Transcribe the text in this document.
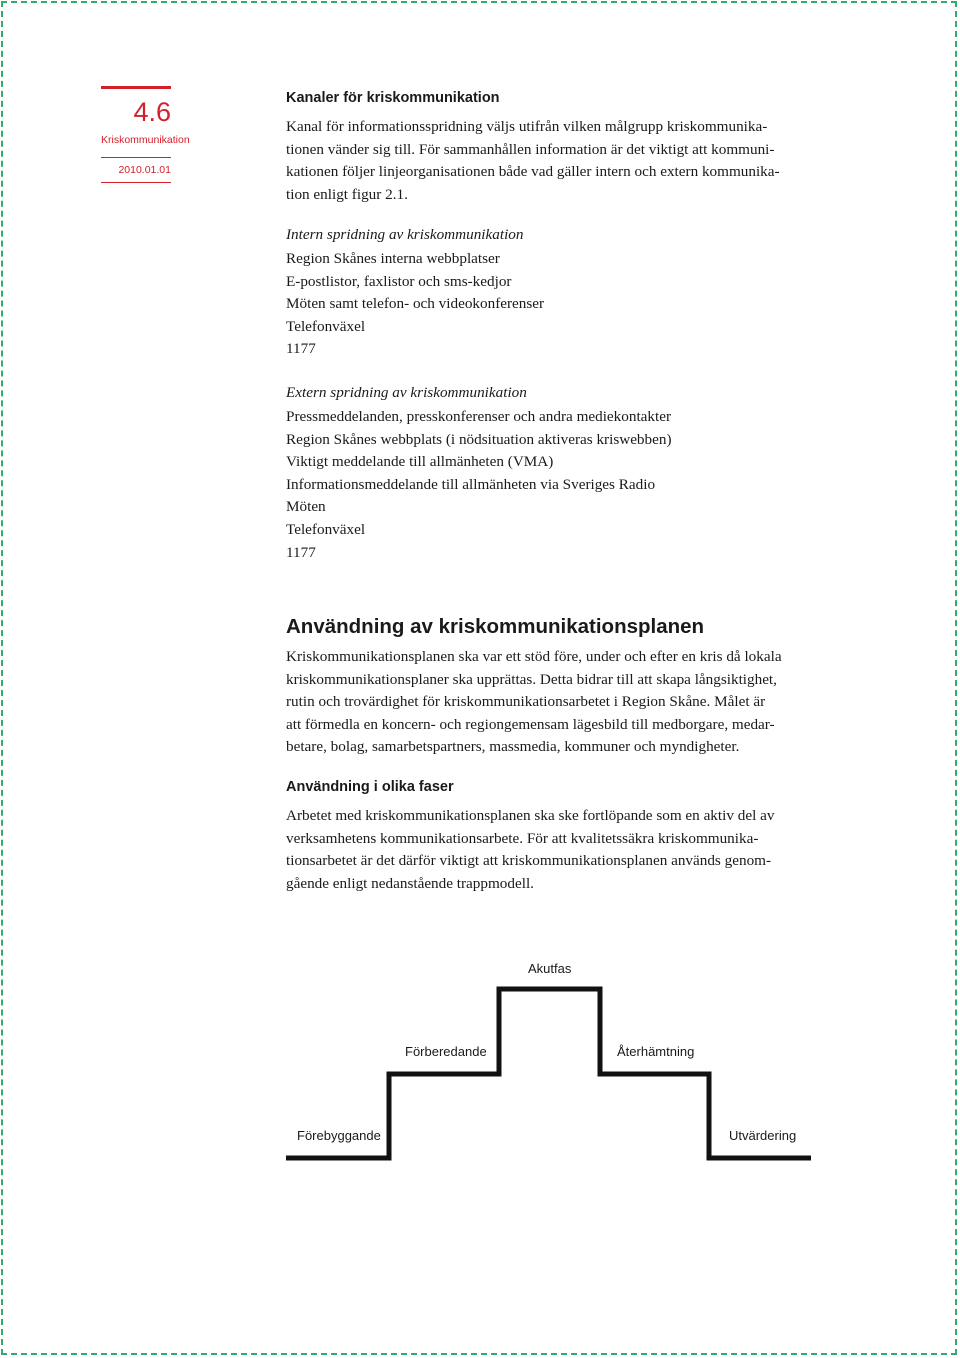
4.6
Kriskommunikation
2010.01.01
Kanaler för kriskommunikation

Kanal för informationsspridning väljs utifrån vilken målgrupp kriskommunika-

tionen vänder sig till. För sammanhållen information är det viktigt att kommuni-

kationen följer linjeorganisationen både vad gäller intern och extern kommunika-

tion enligt figur 2.1.

Intern spridning av kriskommunikation

Region Skånes interna webbplatser

E-postlistor, faxlistor och sms-kedjor

Möten samt telefon- och videokonferenser

Telefonväxel

1177

Extern spridning av kriskommunikation

Pressmeddelanden, presskonferenser och andra mediekontakter

Region Skånes webbplats (i nödsituation aktiveras kriswebben)

Viktigt meddelande till allmänheten (VMA)

Informationsmeddelande till allmänheten via Sveriges Radio

Möten

Telefonväxel

1177

Användning av kriskommunikationsplanen

Kriskommunikationsplanen ska var ett stöd före, under och efter en kris då lokala

kriskommunikationsplaner ska upprättas. Detta bidrar till att skapa långsiktighet,

rutin och trovärdighet för kriskommunikationsarbetet i Region Skåne. Målet är

att förmedla en koncern- och regiongemensam lägesbild till medborgare, medar-

betare, bolag, samarbetspartners, massmedia, kommuner och myndigheter.

Användning i olika faser

Arbetet med kriskommunikationsplanen ska ske fortlöpande som en aktiv del av

verksamhetens kommunikationsarbete. För att kvalitetssäkra kriskommunika-

tionsarbetet är det därför viktigt att kriskommunikationsplanen används genom-

gående enligt nedanstående trappmodell.

Akutfas
Förberedande	Återhämtning
Förebyggande	Utvärdering
